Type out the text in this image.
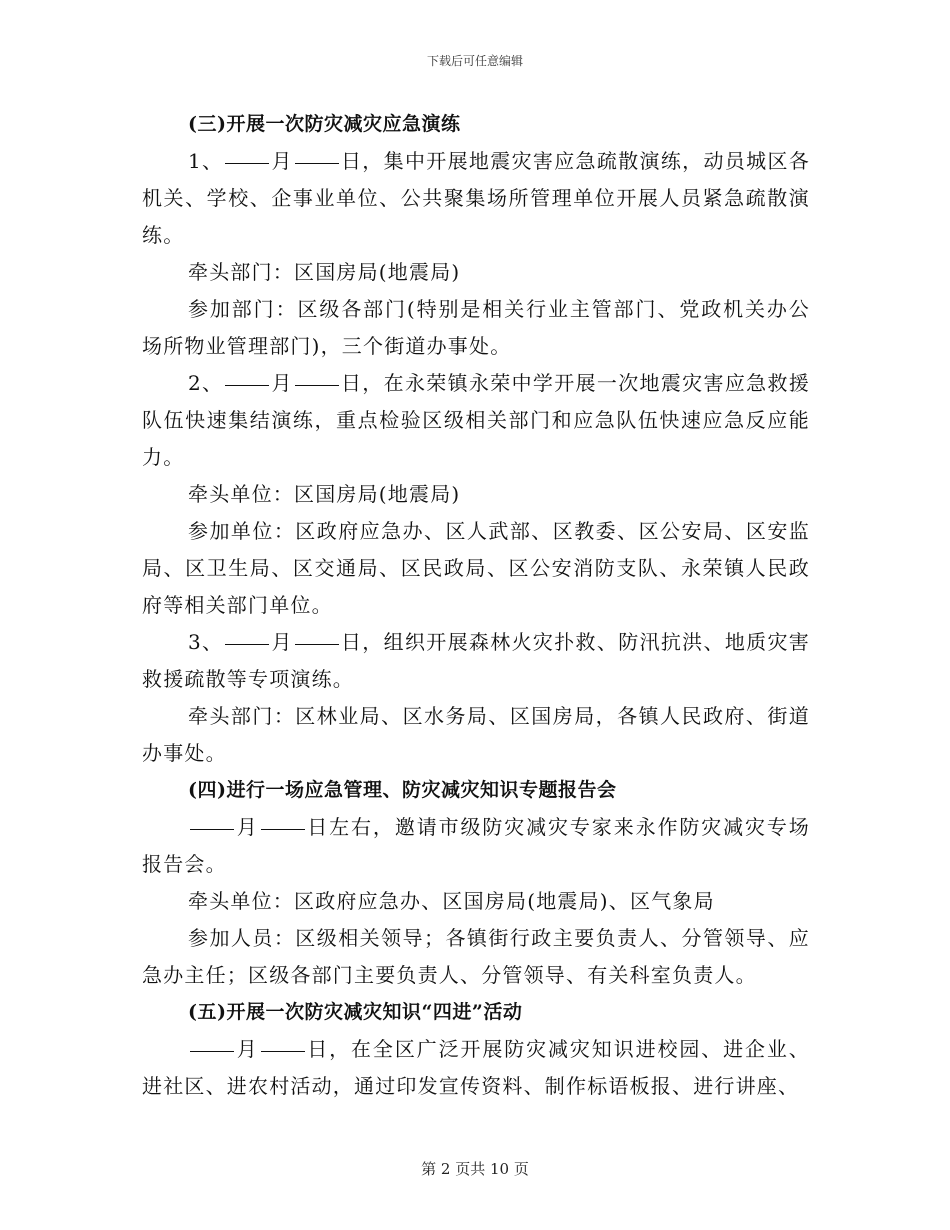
下载后可任意编辑
(三)开展一次防灾减灾应急演练

1、 月 日，集中开展地震灾害应急疏散演练，动员城区各机关、学校、企事业单位、公共聚集场所管理单位开展人员紧急疏散演练。

牵头部门：区国房局(地震局)

参加部门：区级各部门(特别是相关行业主管部门、党政机关办公场所物业管理部门)，三个街道办事处。

2、 月 日，在永荣镇永荣中学开展一次地震灾害应急救援队伍快速集结演练，重点检验区级相关部门和应急队伍快速应急反应能力。

牵头单位：区国房局(地震局)

参加单位：区政府应急办、区人武部、区教委、区公安局、区安监局、区卫生局、区交通局、区民政局、区公安消防支队、永荣镇人民政府等相关部门单位。

3、 月 日，组织开展森林火灾扑救、防汛抗洪、地质灾害救援疏散等专项演练。

牵头部门：区林业局、区水务局、区国房局，各镇人民政府、街道办事处。

(四)进行一场应急管理、防灾减灾知识专题报告会

月 日左右，邀请市级防灾减灾专家来永作防灾减灾专场报告会。

牵头单位：区政府应急办、区国房局(地震局)、区气象局

参加人员：区级相关领导；各镇街行政主要负责人、分管领导、应急办主任；区级各部门主要负责人、分管领导、有关科室负责人。

(五)开展一次防灾减灾知识“四进”活动

月 日，在全区广泛开展防灾减灾知识进校园、进企业、进社区、进农村活动，通过印发宣传资料、制作标语板报、进行讲座、

第 2 页共 10 页
